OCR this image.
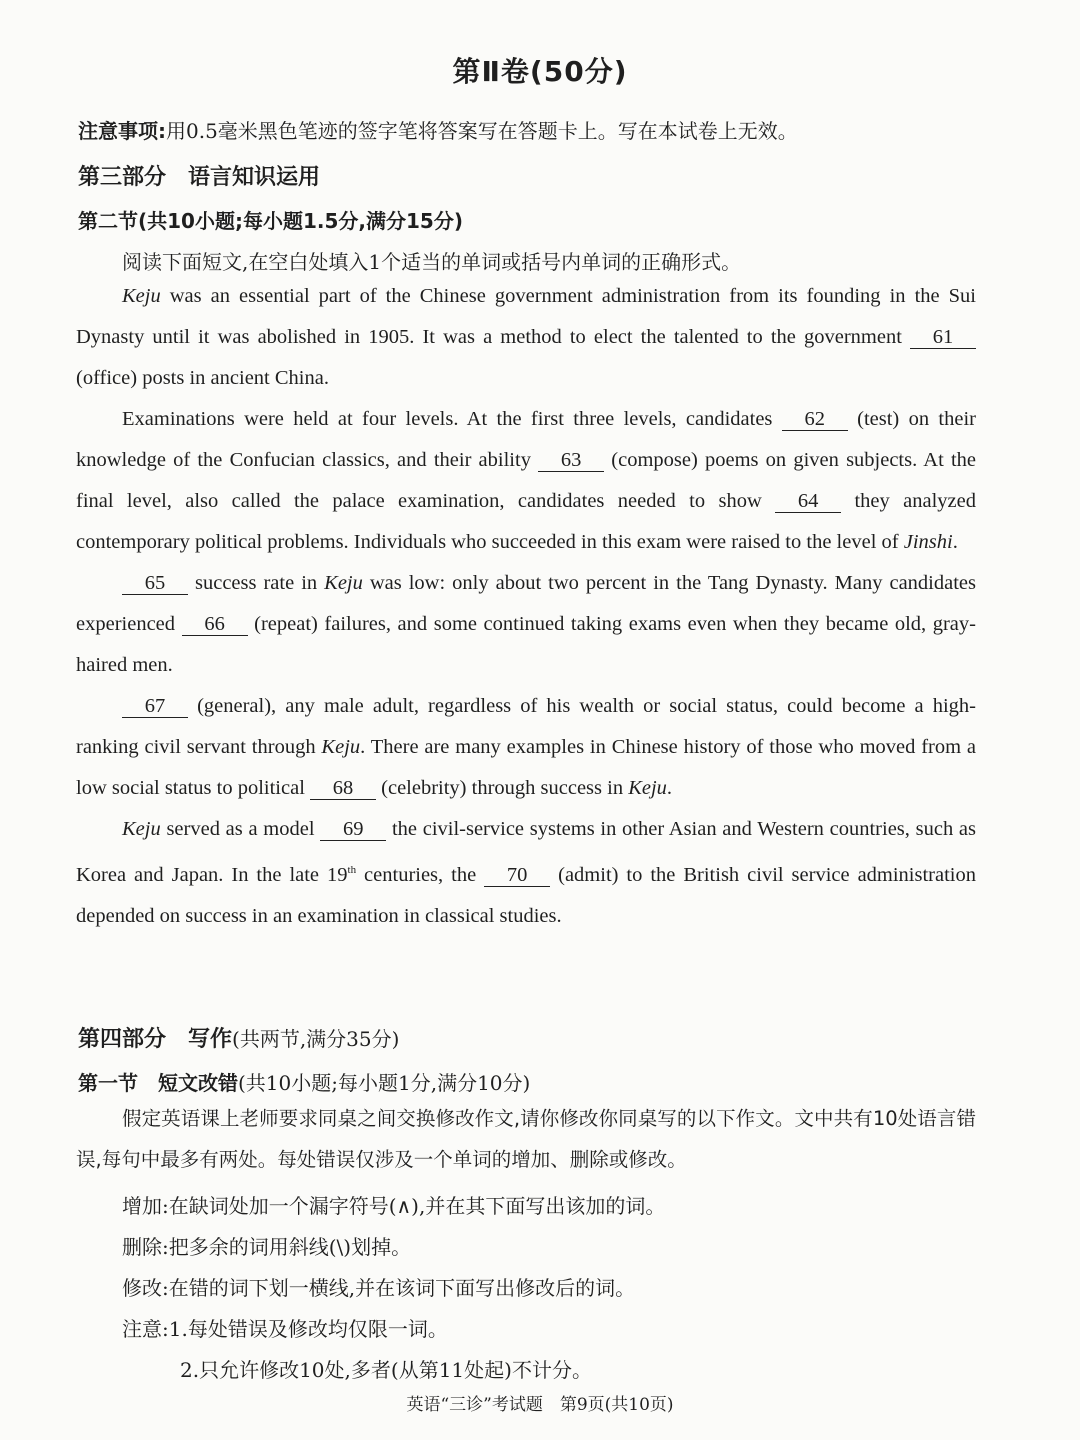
第Ⅱ卷(50分)
注意事项:用0.5毫米黑色笔迹的签字笔将答案写在答题卡上。写在本试卷上无效。
第三部分　语言知识运用
第二节(共10小题;每小题1.5分,满分15分)
阅读下面短文,在空白处填入1个适当的单词或括号内单词的正确形式。

Keju was an essential part of the Chinese government administration from its founding in the Sui Dynasty until it was abolished in 1905. It was a method to elect the talented to the government 61 (office) posts in ancient China.

Examinations were held at four levels. At the first three levels, candidates 62 (test) on their knowledge of the Confucian classics, and their ability 63 (compose) poems on given subjects. At the final level, also called the palace examination, candidates needed to show 64 they analyzed contemporary political problems. Individuals who succeeded in this exam were raised to the level of Jinshi.

65 success rate in Keju was low: only about two percent in the Tang Dynasty. Many candidates experienced 66 (repeat) failures, and some continued taking exams even when they became old, gray-haired men.

67 (general), any male adult, regardless of his wealth or social status, could become a high-ranking civil servant through Keju. There are many examples in Chinese history of those who moved from a low social status to political 68 (celebrity) through success in Keju.

Keju served as a model 69 the civil-service systems in other Asian and Western countries, such as Korea and Japan. In the late 19th centuries, the 70 (admit) to the British civil service administration depended on success in an examination in classical studies.

第四部分　写作(共两节,满分35分)
第一节　短文改错(共10小题;每小题1分,满分10分)

假定英语课上老师要求同桌之间交换修改作文,请你修改你同桌写的以下作文。文中共有10处语言错误,每句中最多有两处。每处错误仅涉及一个单词的增加、删除或修改。

增加:在缺词处加一个漏字符号(∧),并在其下面写出该加的词。
删除:把多余的词用斜线(\)划掉。
修改:在错的词下划一横线,并在该词下面写出修改后的词。
注意:1.每处错误及修改均仅限一词。
2.只允许修改10处,多者(从第11处起)不计分。
英语“三诊”考试题　第9页(共10页)
